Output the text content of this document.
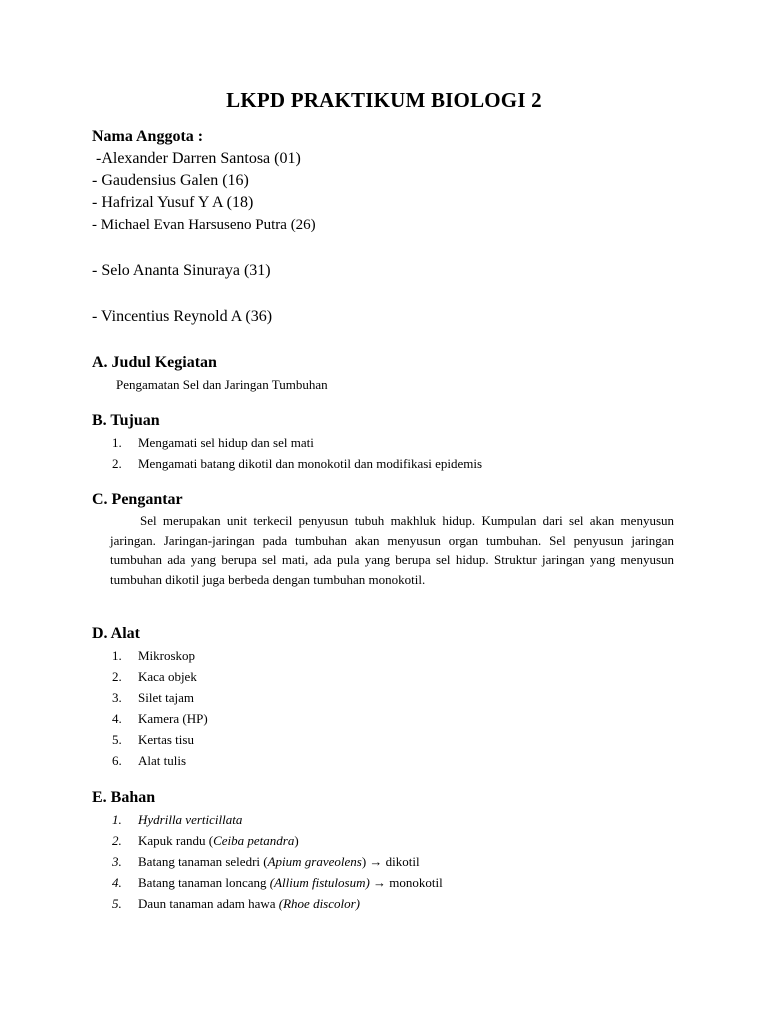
LKPD PRAKTIKUM BIOLOGI 2
Nama Anggota :
-Alexander Darren Santosa (01)
- Gaudensius Galen (16)
- Hafrizal Yusuf Y A (18)
- Michael Evan Harsuseno Putra (26)
- Selo Ananta Sinuraya (31)
- Vincentius Reynold A (36)
A. Judul Kegiatan
Pengamatan Sel dan Jaringan Tumbuhan
B. Tujuan
1. Mengamati sel hidup dan sel mati
2. Mengamati batang dikotil dan monokotil dan modifikasi epidemis
C. Pengantar
Sel merupakan unit terkecil penyusun tubuh makhluk hidup. Kumpulan dari sel akan menyusun jaringan. Jaringan-jaringan pada tumbuhan akan menyusun organ tumbuhan. Sel penyusun jaringan tumbuhan ada yang berupa sel mati, ada pula yang berupa sel hidup. Struktur jaringan yang menyusun tumbuhan dikotil juga berbeda dengan tumbuhan monokotil.
D. Alat
1. Mikroskop
2. Kaca objek
3. Silet tajam
4. Kamera (HP)
5. Kertas tisu
6. Alat tulis
E. Bahan
1. Hydrilla verticillata
2. Kapuk randu (Ceiba petandra)
3. Batang tanaman seledri (Apium graveolens) → dikotil
4. Batang tanaman loncang (Allium fistulosum) → monokotil
5. Daun tanaman adam hawa (Rhoe discolor)
